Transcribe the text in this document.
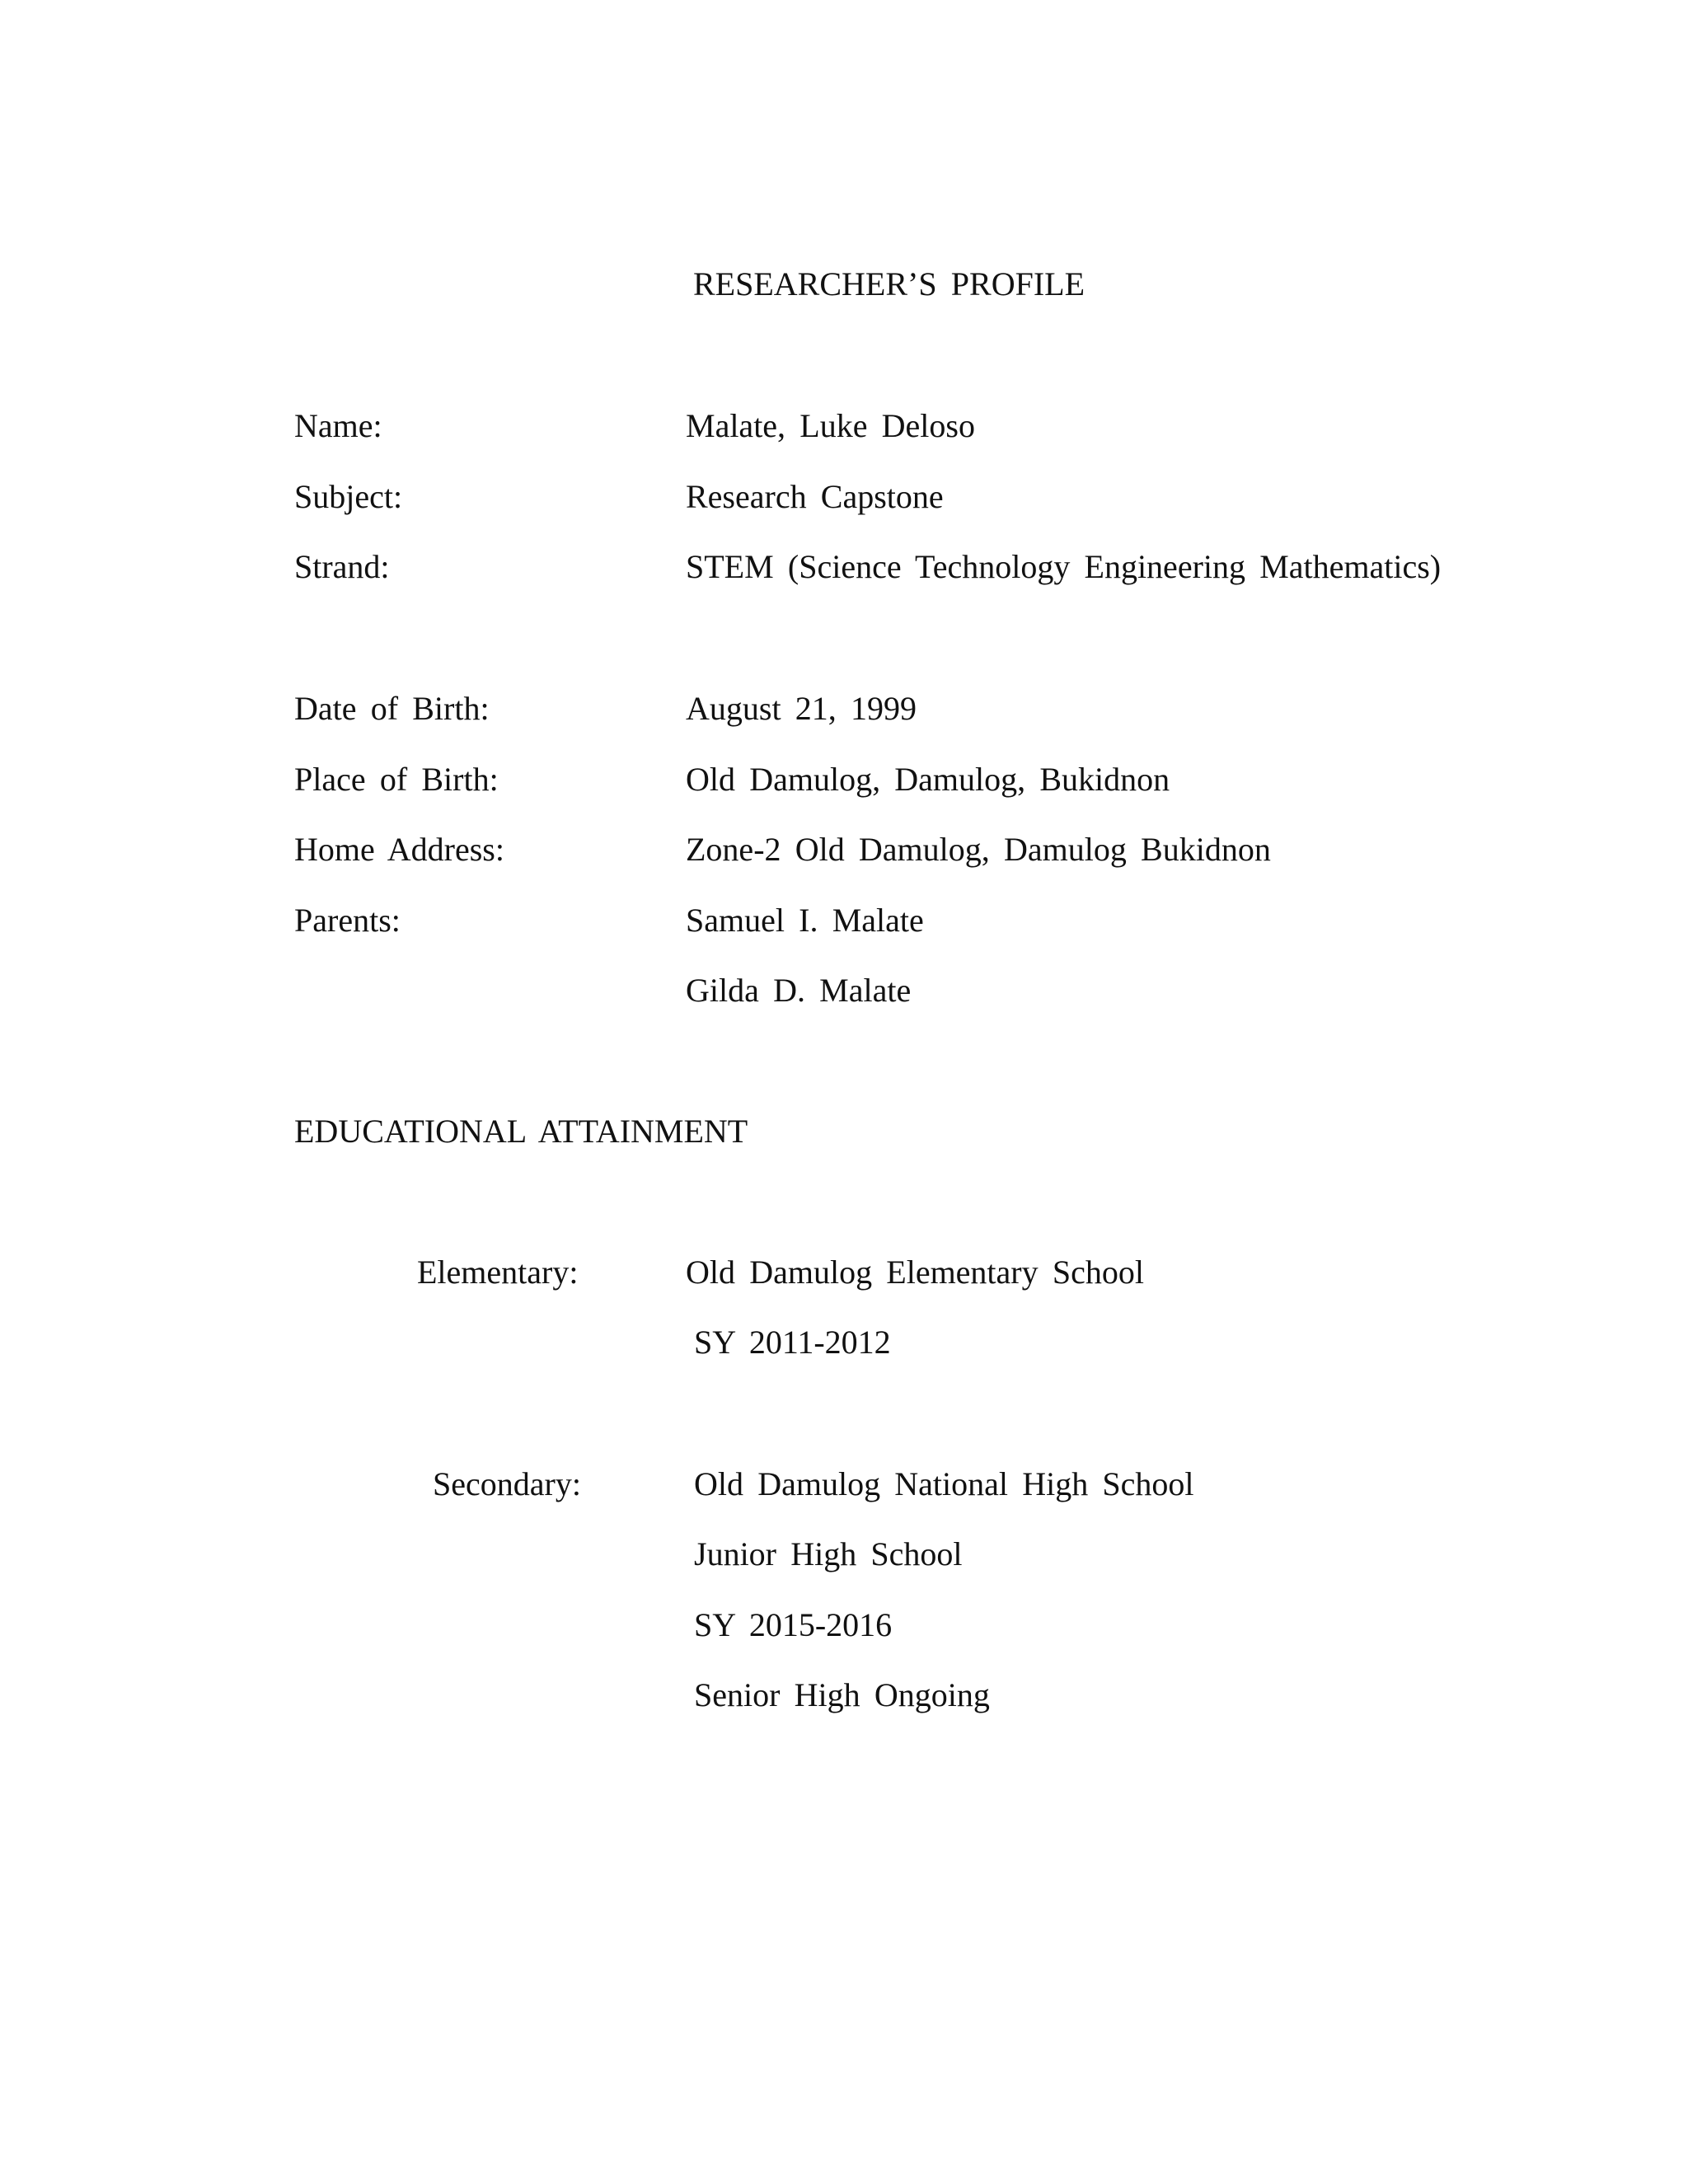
RESEARCHER’S PROFILE
Name:	Malate, Luke Deloso
Subject:	Research Capstone
Strand:	STEM (Science Technology Engineering Mathematics)
Date of Birth:	August 21, 1999
Place of Birth:	Old Damulog, Damulog, Bukidnon
Home Address:	Zone-2 Old Damulog, Damulog Bukidnon
Parents:	Samuel I. Malate
Gilda D. Malate
EDUCATIONAL ATTAINMENT
Elementary:	Old Damulog Elementary School
SY 2011-2012
Secondary:	Old Damulog National High School
Junior High School
SY 2015-2016
Senior High Ongoing
